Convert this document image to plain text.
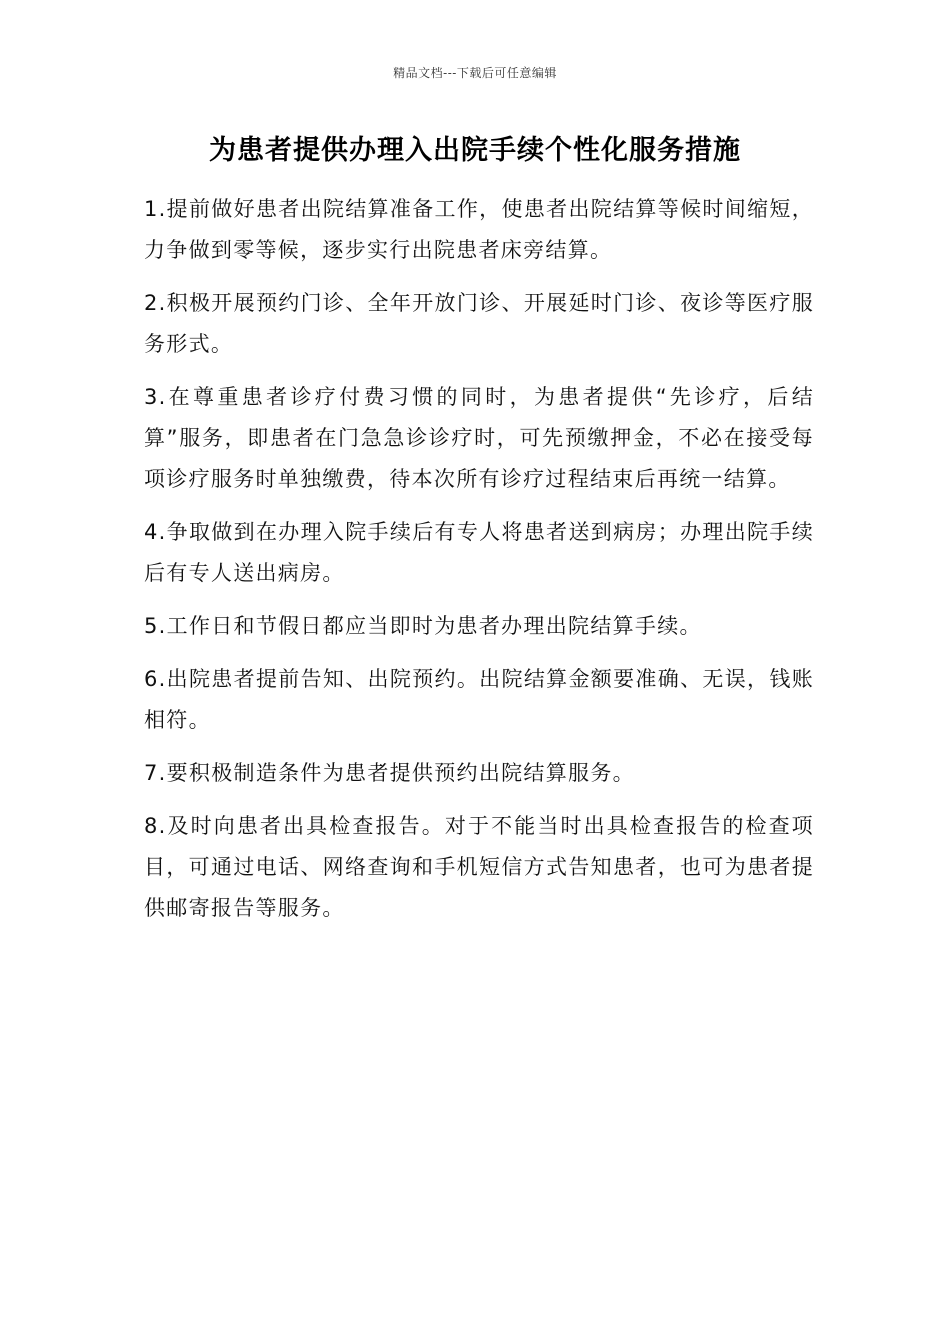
精品文档---下载后可任意编辑
为患者提供办理入出院手续个性化服务措施
1.提前做好患者出院结算准备工作，使患者出院结算等候时间缩短，力争做到零等候，逐步实行出院患者床旁结算。
2.积极开展预约门诊、全年开放门诊、开展延时门诊、夜诊等医疗服务形式。
3.在尊重患者诊疗付费习惯的同时，为患者提供“先诊疗，后结算”服务，即患者在门急急诊诊疗时，可先预缴押金，不必在接受每项诊疗服务时单独缴费，待本次所有诊疗过程结束后再统一结算。
4.争取做到在办理入院手续后有专人将患者送到病房；办理出院手续后有专人送出病房。
5.工作日和节假日都应当即时为患者办理出院结算手续。
6.出院患者提前告知、出院预约。出院结算金额要准确、无误，钱账相符。
7.要积极制造条件为患者提供预约出院结算服务。
8.及时向患者出具检查报告。对于不能当时出具检查报告的检查项目，可通过电话、网络查询和手机短信方式告知患者，也可为患者提供邮寄报告等服务。
